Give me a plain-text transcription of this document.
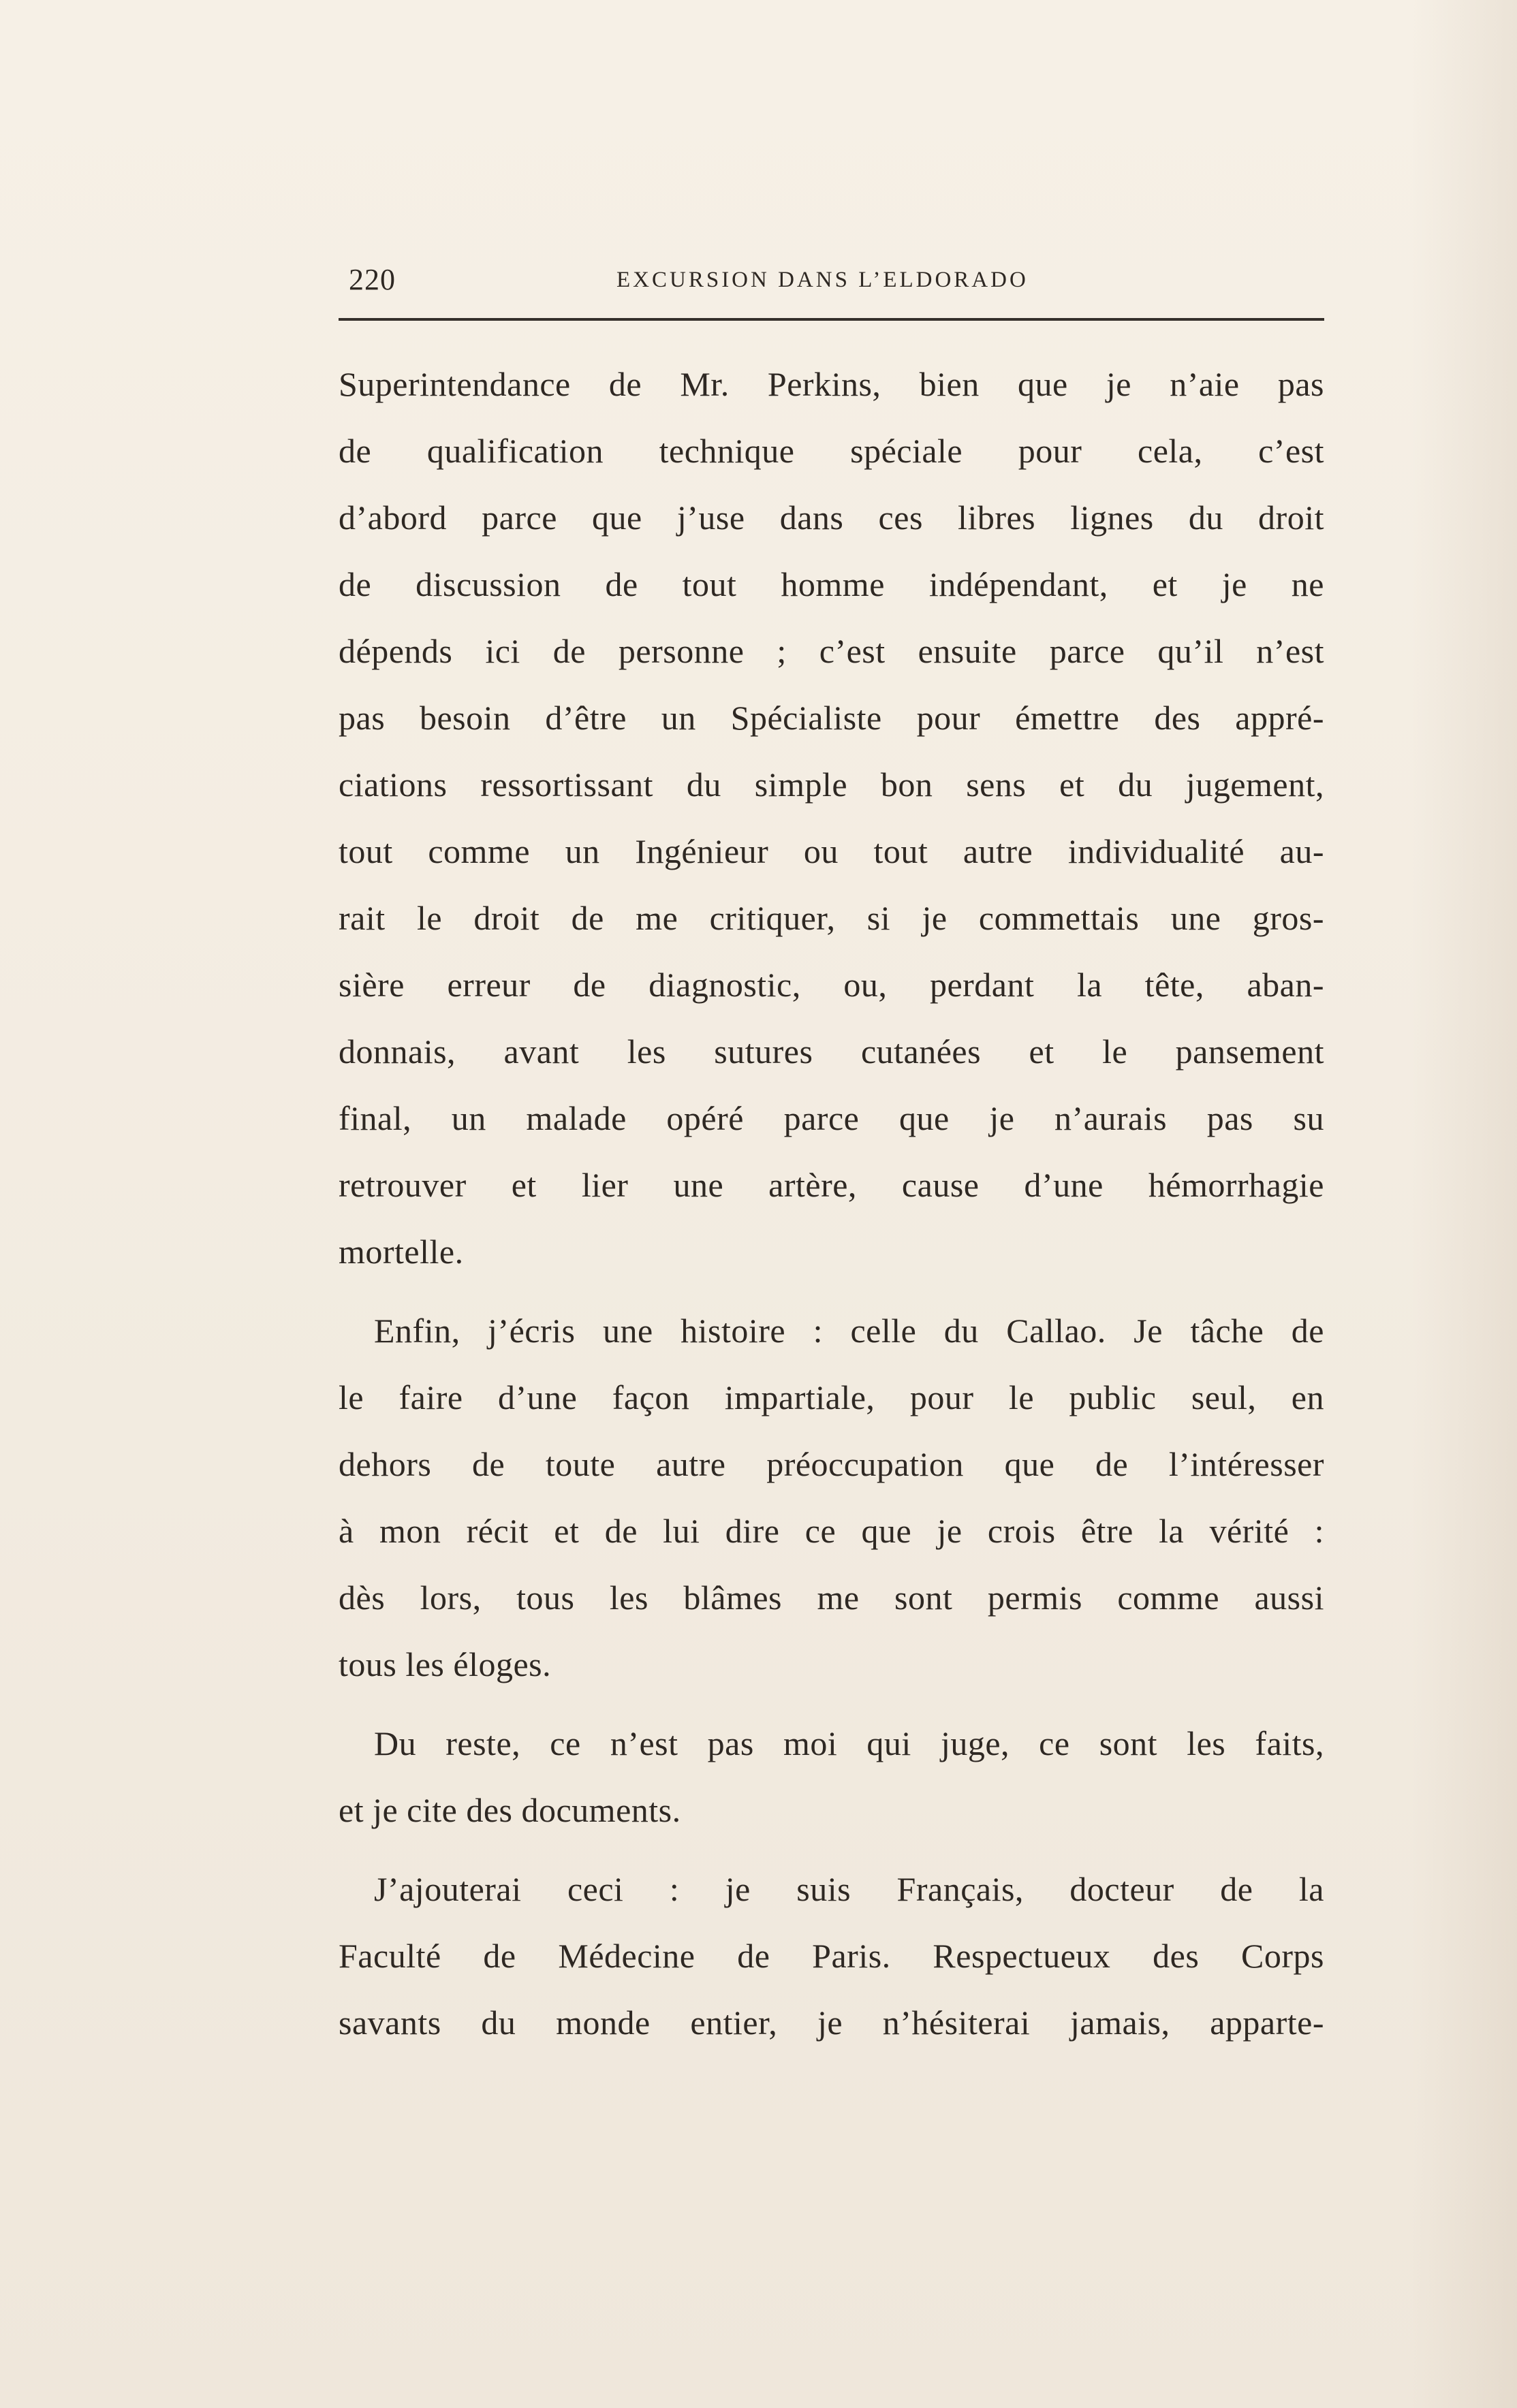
220	EXCURSION DANS L’ELDORADO
Superintendance de Mr. Perkins, bien que je n’aie pas
de qualification technique spéciale pour cela, c’est
d’abord parce que j’use dans ces libres lignes du droit
de discussion de tout homme indépendant, et je ne
dépends ici de personne ; c’est ensuite parce qu’il n’est
pas besoin d’être un Spécialiste pour émettre des appré-
ciations ressortissant du simple bon sens et du jugement,
tout comme un Ingénieur ou tout autre individualité au-
rait le droit de me critiquer, si je commettais une gros-
sière erreur de diagnostic, ou, perdant la tête, aban-
donnais, avant les sutures cutanées et le pansement
final, un malade opéré parce que je n’aurais pas su
retrouver et lier une artère, cause d’une hémorrhagie
mortelle.
Enfin, j’écris une histoire : celle du Callao. Je tâche de
le faire d’une façon impartiale, pour le public seul, en
dehors de toute autre préoccupation que de l’intéresser
à mon récit et de lui dire ce que je crois être la vérité :
dès lors, tous les blâmes me sont permis comme aussi
tous les éloges.
Du reste, ce n’est pas moi qui juge, ce sont les faits,
et je cite des documents.
J’ajouterai ceci : je suis Français, docteur de la
Faculté de Médecine de Paris. Respectueux des Corps
savants du monde entier, je n’hésiterai jamais, apparte-
